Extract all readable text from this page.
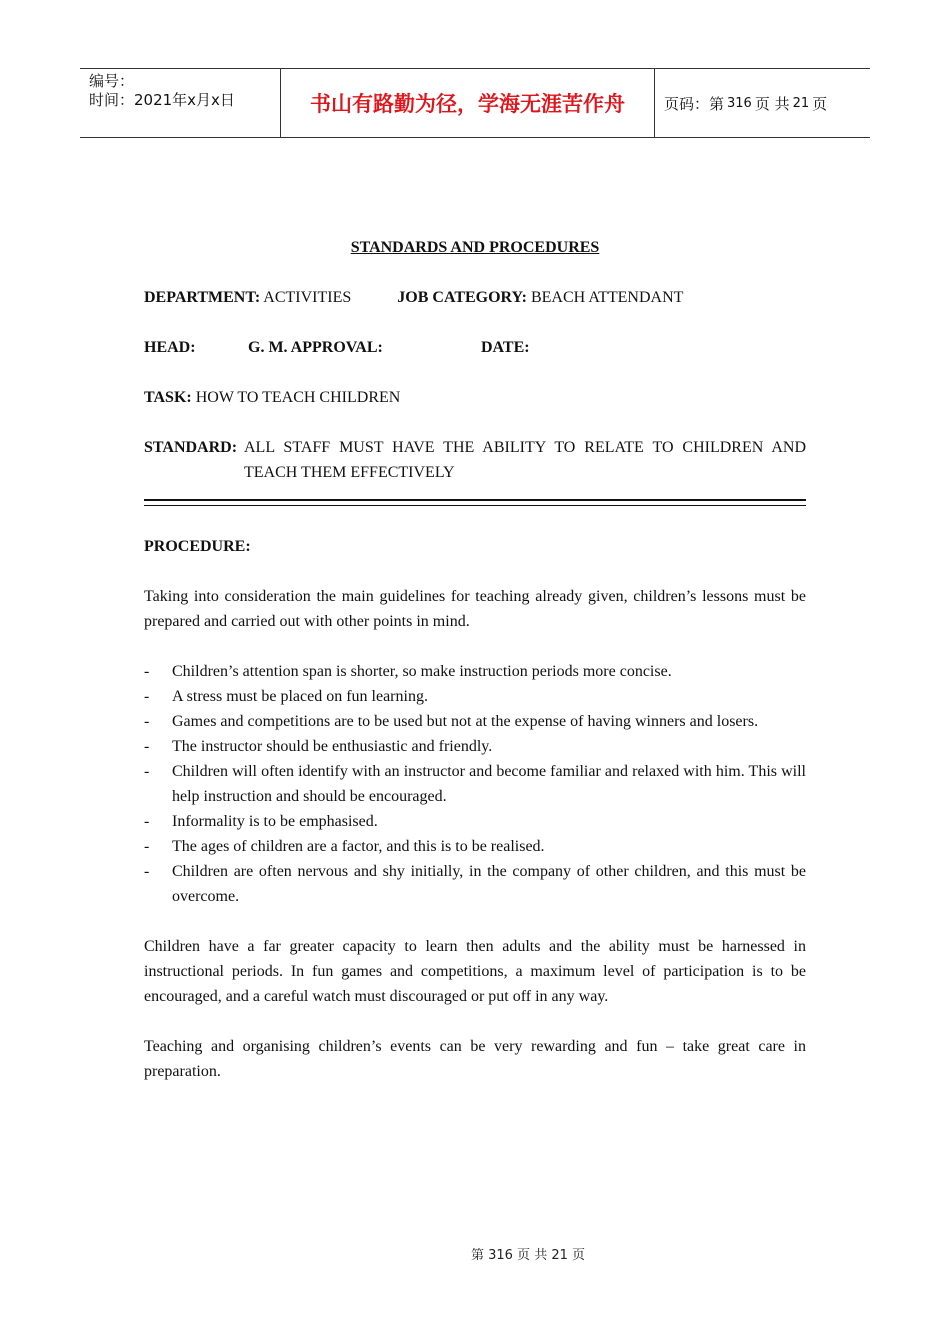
编号：
时间：2021年x月x日	书山有路勤为径，学海无涯苦作舟	页码：第 316 页 共 21 页
STANDARDS AND PROCEDURES
DEPARTMENT: ACTIVITIES	JOB CATEGORY: BEACH ATTENDANT
HEAD:	G. M. APPROVAL:	DATE:
TASK: HOW TO TEACH CHILDREN
STANDARD: ALL STAFF MUST HAVE THE ABILITY TO RELATE TO CHILDREN AND TEACH THEM EFFECTIVELY
PROCEDURE:

Taking into consideration the main guidelines for teaching already given, children’s lessons must be prepared and carried out with other points in mind.

-	Children’s attention span is shorter, so make instruction periods more concise.
-	A stress must be placed on fun learning.
-	Games and competitions are to be used but not at the expense of having winners and losers.
-	The instructor should be enthusiastic and friendly.
-	Children will often identify with an instructor and become familiar and relaxed with him. This will help instruction and should be encouraged.
-	Informality is to be emphasised.
-	The ages of children are a factor, and this is to be realised.
-	Children are often nervous and shy initially, in the company of other children, and this must be overcome.

Children have a far greater capacity to learn then adults and the ability must be harnessed in instructional periods. In fun games and competitions, a maximum level of participation is to be encouraged, and a careful watch must discouraged or put off in any way.

Teaching and organising children’s events can be very rewarding and fun – take great care in preparation.

第 316 页 共 21 页
